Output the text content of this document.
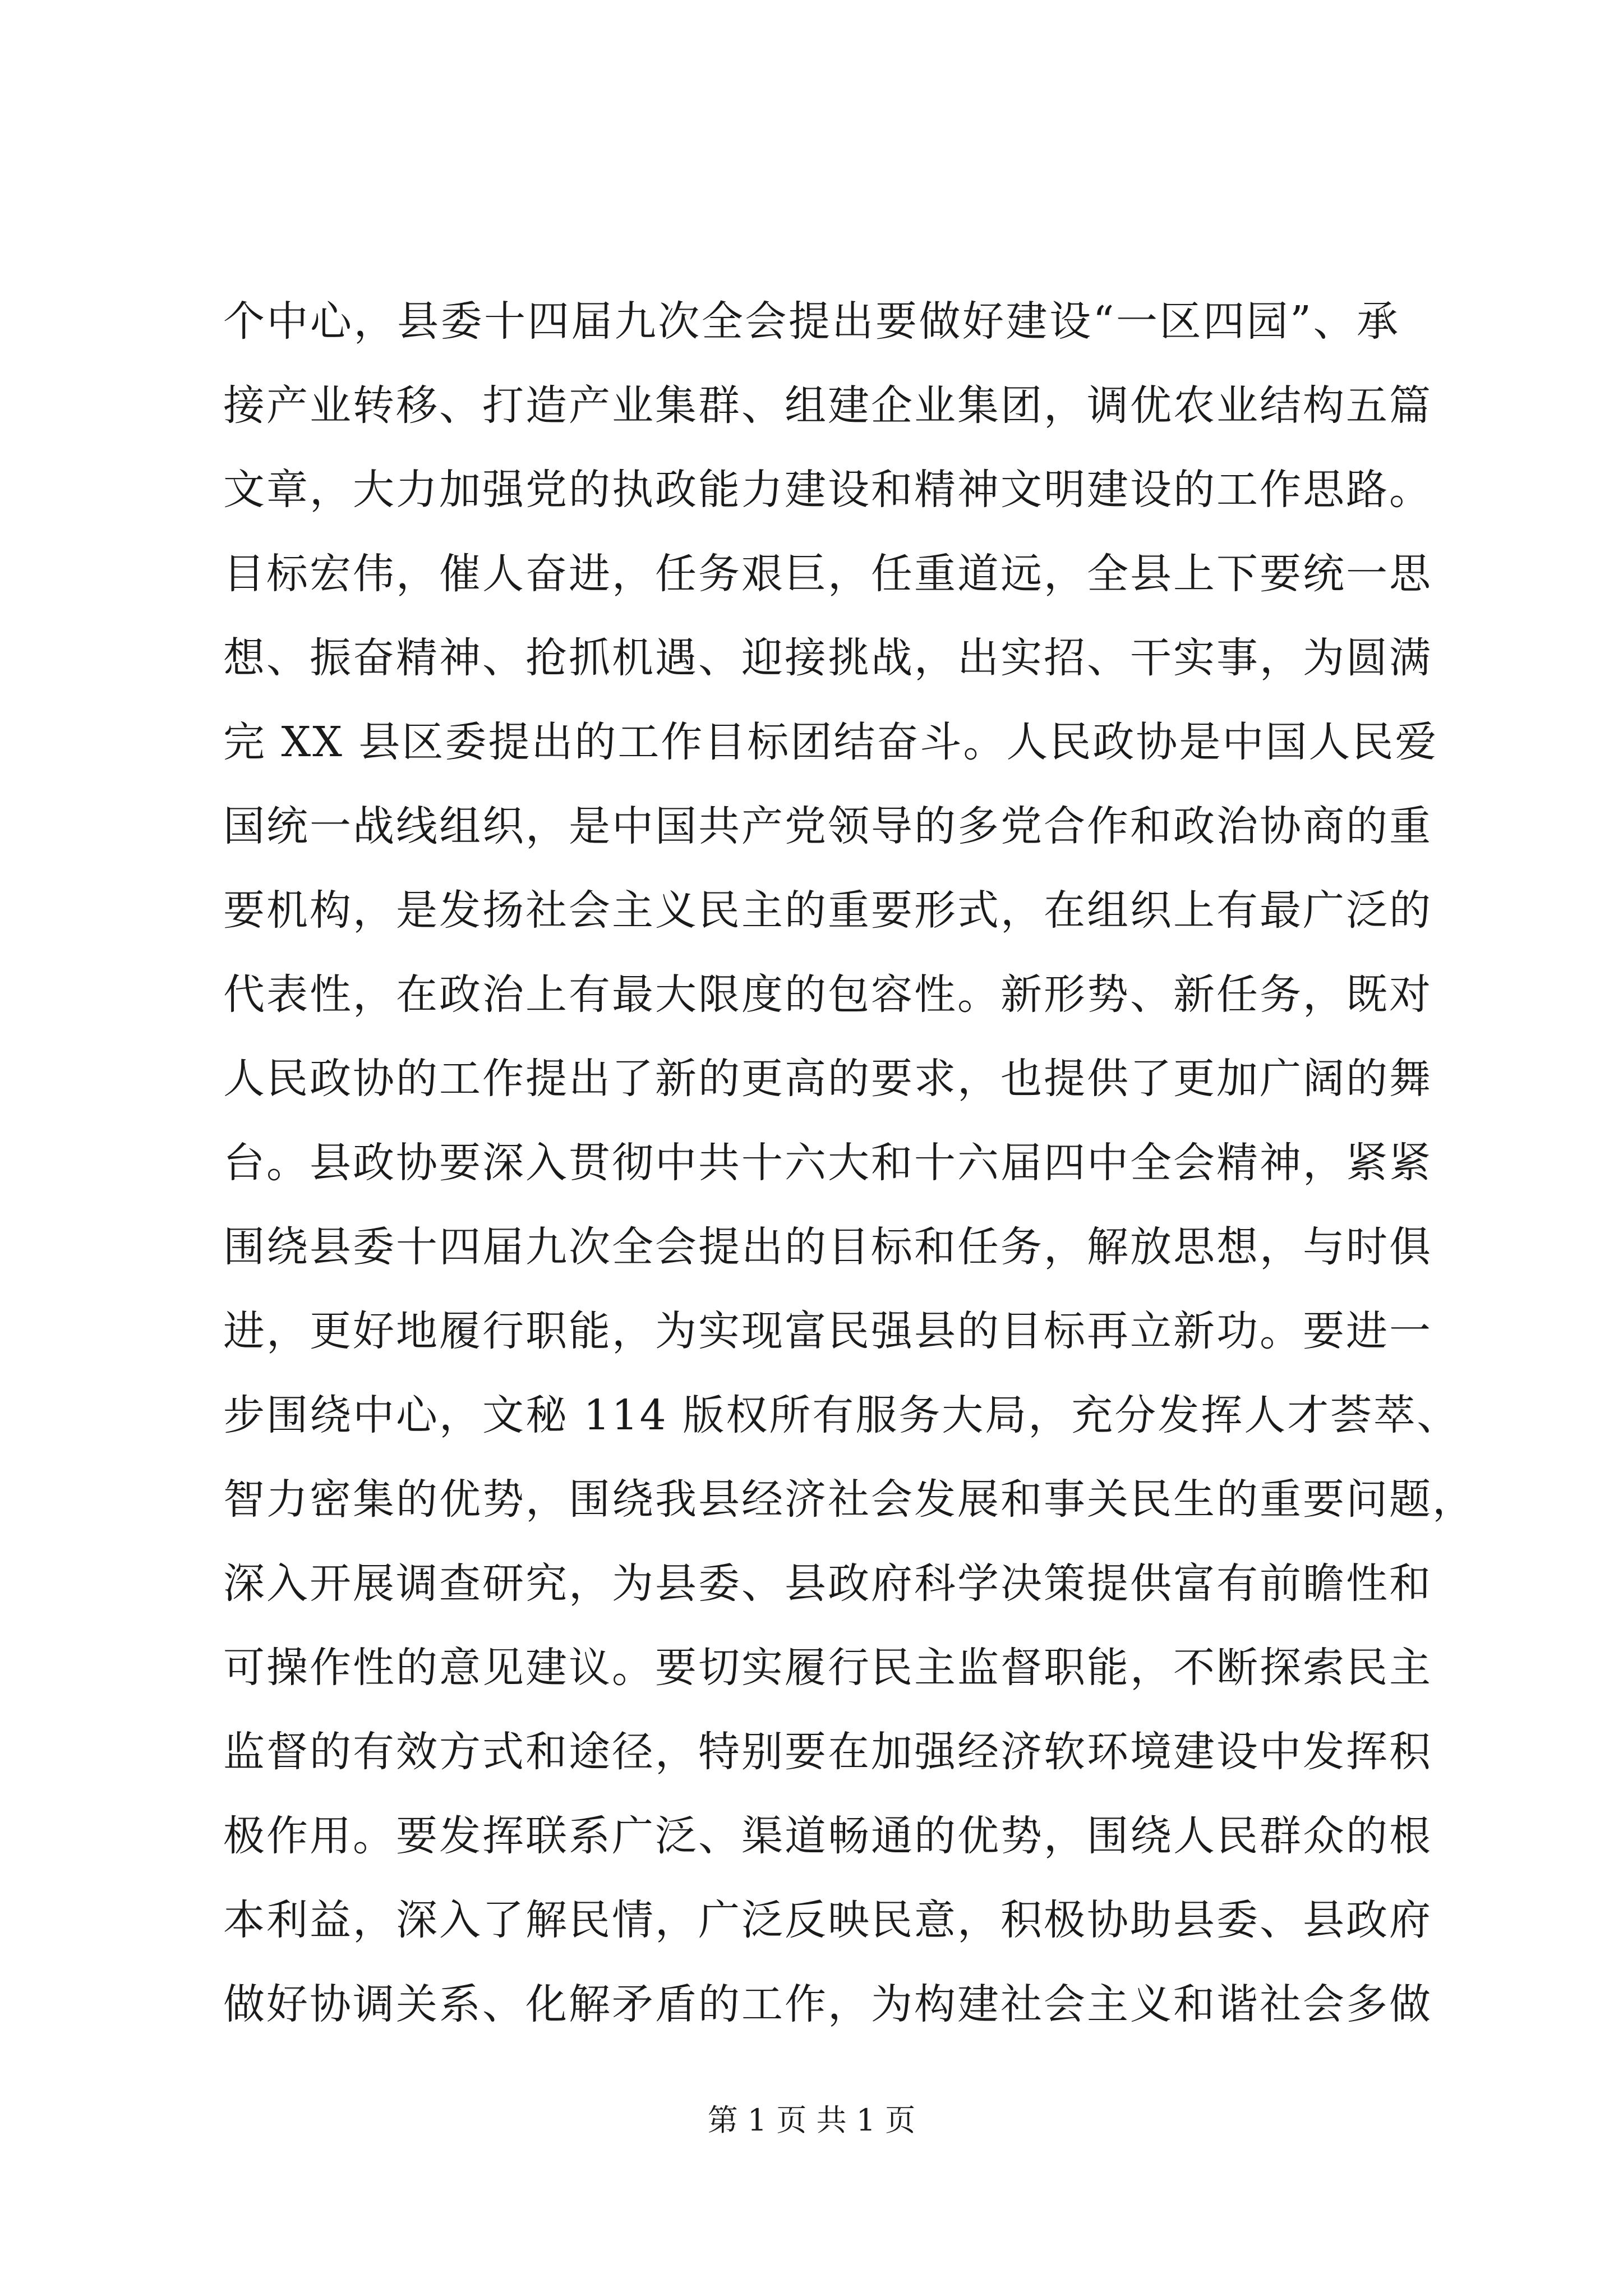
个中心，县委十四届九次全会提出要做好建设“一区四园”、承
接产业转移、打造产业集群、组建企业集团，调优农业结构五篇
文章，大力加强党的执政能力建设和精神文明建设的工作思路。
目标宏伟，催人奋进，任务艰巨，任重道远，全县上下要统一思
想、振奋精神、抢抓机遇、迎接挑战，出实招、干实事，为圆满
完 XX 县区委提出的工作目标团结奋斗。人民政协是中国人民爱
国统一战线组织，是中国共产党领导的多党合作和政治协商的重
要机构，是发扬社会主义民主的重要形式，在组织上有最广泛的
代表性，在政治上有最大限度的包容性。新形势、新任务，既对
人民政协的工作提出了新的更高的要求，也提供了更加广阔的舞
台。县政协要深入贯彻中共十六大和十六届四中全会精神，紧紧
围绕县委十四届九次全会提出的目标和任务，解放思想，与时俱
进，更好地履行职能，为实现富民强县的目标再立新功。要进一
步围绕中心，文秘 114 版权所有服务大局，充分发挥人才荟萃、
智力密集的优势，围绕我县经济社会发展和事关民生的重要问题，
深入开展调查研究，为县委、县政府科学决策提供富有前瞻性和
可操作性的意见建议。要切实履行民主监督职能，不断探索民主
监督的有效方式和途径，特别要在加强经济软环境建设中发挥积
极作用。要发挥联系广泛、渠道畅通的优势，围绕人民群众的根
本利益，深入了解民情，广泛反映民意，积极协助县委、县政府
做好协调关系、化解矛盾的工作，为构建社会主义和谐社会多做
第 1 页 共 1 页
